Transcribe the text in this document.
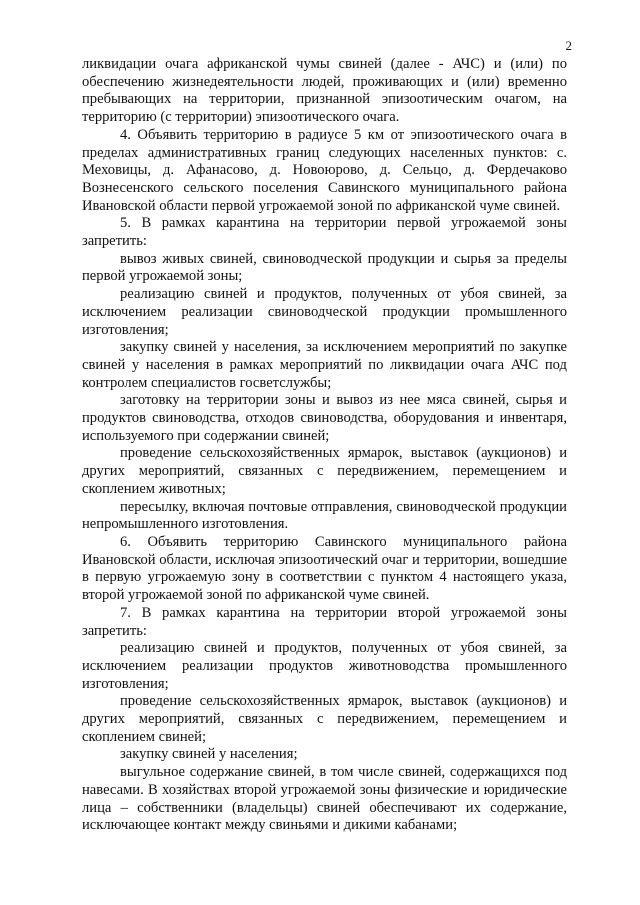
2

ликвидации очага африканской чумы свиней (далее - АЧС) и (или) по обеспечению жизнедеятельности людей, проживающих и (или) временно пребывающих на территории, признанной эпизоотическим очагом, на территорию (с территории) эпизоотического очага.

4. Объявить территорию в радиусе 5 км от эпизоотического очага в пределах административных границ следующих населенных пунктов: с. Меховицы, д. Афанасово, д. Новоюрово, д. Сельцо, д. Фердечаково Вознесенского сельского поселения Савинского муниципального района Ивановской области первой угрожаемой зоной по африканской чуме свиней.

5. В рамках карантина на территории первой угрожаемой зоны запретить:

вывоз живых свиней, свиноводческой продукции и сырья за пределы первой угрожаемой зоны;

реализацию свиней и продуктов, полученных от убоя свиней, за исключением реализации свиноводческой продукции промышленного изготовления;

закупку свиней у населения, за исключением мероприятий по закупке свиней у населения в рамках мероприятий по ликвидации очага АЧС под контролем специалистов госветслужбы;

заготовку на территории зоны и вывоз из нее мяса свиней, сырья и продуктов свиноводства, отходов свиноводства, оборудования и инвентаря, используемого при содержании свиней;

проведение сельскохозяйственных ярмарок, выставок (аукционов) и других мероприятий, связанных с передвижением, перемещением и скоплением животных;

пересылку, включая почтовые отправления, свиноводческой продукции непромышленного изготовления.

6. Объявить территорию Савинского муниципального района Ивановской области, исключая эпизоотический очаг и территории, вошедшие в первую угрожаемую зону в соответствии с пунктом 4 настоящего указа, второй угрожаемой зоной по африканской чуме свиней.

7. В рамках карантина на территории второй угрожаемой зоны запретить:

реализацию свиней и продуктов, полученных от убоя свиней, за исключением реализации продуктов животноводства промышленного изготовления;

проведение сельскохозяйственных ярмарок, выставок (аукционов) и других мероприятий, связанных с передвижением, перемещением и скоплением свиней;

закупку свиней у населения;

выгульное содержание свиней, в том числе свиней, содержащихся под навесами. В хозяйствах второй угрожаемой зоны физические и юридические лица – собственники (владельцы) свиней обеспечивают их содержание, исключающее контакт между свиньями и дикими кабанами;
